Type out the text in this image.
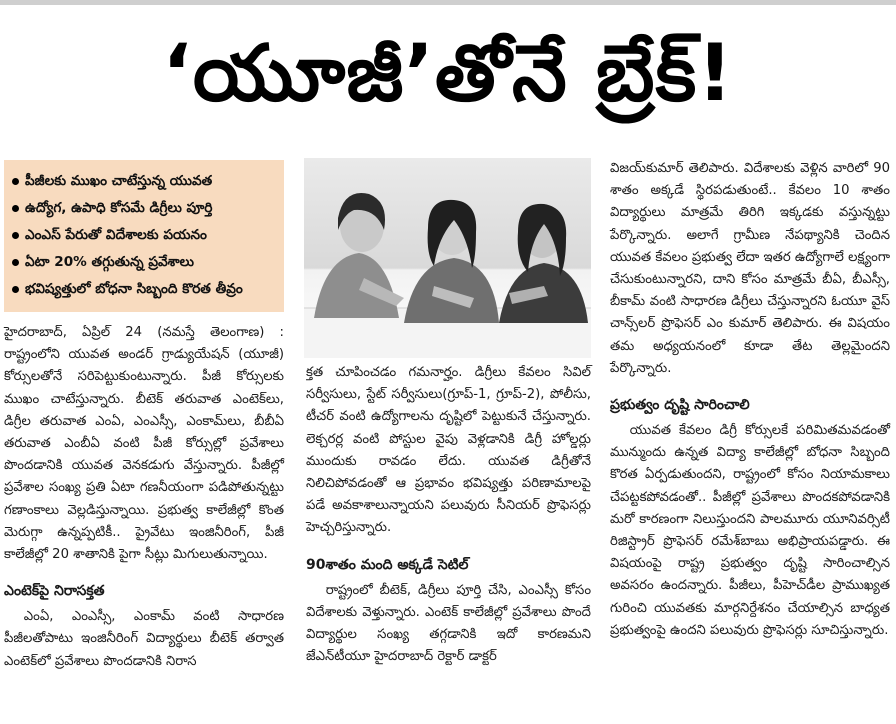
‘యూజీ’తోనే బ్రేక్‌!
పీజీలకు ముఖం చాటేస్తున్న యువత
ఉద్యోగ, ఉపాధి కోసమే డిగ్రీలు పూర్తి
ఎంఎస్‌ పేరుతో విదేశాలకు పయనం
ఏటా 20% తగ్గుతున్న ప్రవేశాలు
భవిష్యత్తులో బోధనా సిబ్బంది కొరత తీవ్రం

హైదరాబాద్‌, ఏప్రిల్‌ 24 (నమస్తే తెలంగాణ) : రాష్ట్రంలోని యువత అండర్‌ గ్రాడ్యుయేషన్‌ (యూజీ) కోర్సులతోనే సరిపెట్టుకుంటున్నారు. పీజీ కోర్సులకు ముఖం చాటేస్తున్నారు. బీటెక్‌ తరువాత ఎంటెక్‌లు, డిగ్రీల తరువాత ఎంఏ, ఎంఎస్సీ, ఎంకామ్‌లు, బీబీఏ తరువాత ఎంబీఏ వంటి పీజీ కోర్సుల్లో ప్రవేశాలు పొందడానికి యువత వెనకడుగు వేస్తున్నారు. పీజీల్లో ప్రవేశాల సంఖ్య ప్రతి ఏటా గణనీయంగా పడిపోతున్నట్టు గణాంకాలు వెల్లడిస్తున్నాయి. ప్రభుత్వ కాలేజీల్లో కొంత మెరుగ్గా ఉన్నప్పటికీ.. ప్రైవేటు ఇంజినీరింగ్‌, పీజీ కాలేజీల్లో 20 శాతానికి పైగా సీట్లు మిగులుతున్నాయి.

ఎంటెక్‌పై నిరాసక్తత

ఎంఏ, ఎంఎస్సీ, ఎంకామ్‌ వంటి సాధారణ పీజీలతోపాటు ఇంజినీరింగ్‌ విద్యార్థులు బీటెక్‌ తర్వాత ఎంటెక్‌లో ప్రవేశాలు పొందడానికి నిరాస

క్తత చూపించడం గమనార్హం. డిగ్రీలు కేవలం సివిల్‌ సర్వీసులు, స్టేట్‌ సర్వీసులు(గ్రూప్‌-1, గ్రూప్‌-2), పోలీసు, టీచర్‌ వంటి ఉద్యోగాలను దృష్టిలో పెట్టుకునే చేస్తున్నారు. లెక్చరర్ల వంటి పోస్టుల వైపు వెళ్లడానికి డిగ్రీ హోల్డర్లు ముందుకు రావడం లేదు. యువత డిగ్రీతోనే నిలిచిపోవడంతో ఆ ప్రభావం భవిష్యత్తు పరిణామాలపై పడే అవకాశాలున్నాయని పలువురు సీనియర్‌ ప్రొఫెసర్లు హెచ్చరిస్తున్నారు.

90శాతం మంది అక్కడే సెటిల్‌

రాష్ట్రంలో బీటెక్‌, డిగ్రీలు పూర్తి చేసి, ఎంఎస్సీ కోసం విదేశాలకు వెళ్తున్నారు. ఎంటెక్‌ కాలేజీల్లో ప్రవేశాలు పొందే విద్యార్థుల సంఖ్య తగ్గడానికి ఇదో కారణమని జేఎన్‌టీయూ హైదరాబాద్‌ రెక్టార్‌ డాక్టర్‌

విజయ్‌కుమార్‌ తెలిపారు. విదేశాలకు వెళ్లిన వారిలో 90 శాతం అక్కడే స్థిరపడుతుంటే.. కేవలం 10 శాతం విద్యార్థులు మాత్రమే తిరిగి ఇక్కడకు వస్తున్నట్టు పేర్కొన్నారు. అలాగే గ్రామీణ నేపథ్యానికి చెందిన యువత కేవలం ప్రభుత్వ లేదా ఇతర ఉద్యోగాలే లక్ష్యంగా చేసుకుంటున్నారని, దాని కోసం మాత్రమే బీఏ, బీఎస్సీ, బీకామ్‌ వంటి సాధారణ డిగ్రీలు చేస్తున్నారని ఓయూ వైస్‌ చాన్స్‌లర్‌ ప్రొఫెసర్‌ ఎం కుమార్‌ తెలిపారు. ఈ విషయం తమ అధ్యయనంలో కూడా తేట తెల్లమైందని పేర్కొన్నారు.

ప్రభుత్వం దృష్టి సారించాలి

యువత కేవలం డిగ్రీ కోర్సులకే పరిమితమవడంతో మున్ముందు ఉన్నత విద్యా కాలేజీల్లో బోధనా సిబ్బంది కొరత ఏర్పడుతుందని, రాష్ట్రంలో కోసం నియామకాలు చేపట్టకపోవడంతో.. పీజీల్లో ప్రవేశాలు పొందకపోవడానికి మరో కారణంగా నిలుస్తుందని పాలమూరు యూనివర్సిటీ రిజిస్ట్రార్‌ ప్రొఫెసర్‌ రమేశ్‌బాబు అభిప్రాయపడ్డారు. ఈ విషయంపై రాష్ట్ర ప్రభుత్వం దృష్టి సారించాల్సిన అవసరం ఉందన్నారు. పీజీలు, పీహెచ్‌డీల ప్రాముఖ్యత గురించి యువతకు మార్గనిర్దేశనం చేయాల్సిన బాధ్యత ప్రభుత్వంపై ఉందని పలువురు ప్రొఫెసర్లు సూచిస్తున్నారు.
